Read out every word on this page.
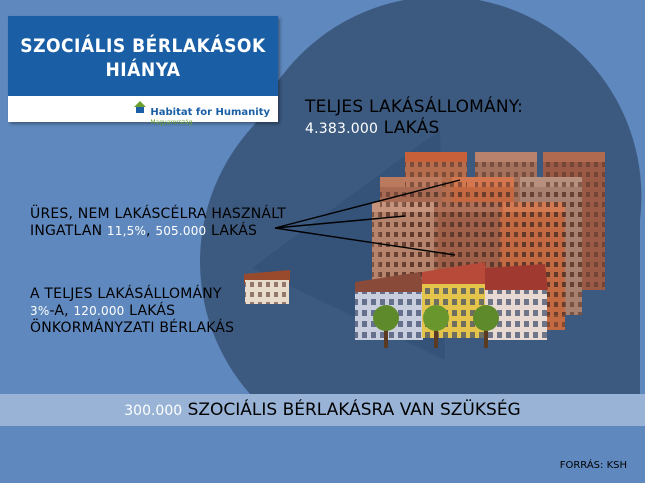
SZOCIÁLIS BÉRLAKÁSOK HIÁNYA
Habitat for Humanity
Magyarország
TELJES LAKÁSÁLLOMÁNY:
4.383.000 LAKÁS
ÜRES, NEM LAKÁSCÉLRA HASZNÁLT
INGATLAN 11,5%, 505.000 LAKÁS
A TELJES LAKÁSÁLLOMÁNY
3%-A, 120.000 LAKÁS
ÖNKORMÁNYZATI BÉRLAKÁS
300.000 SZOCIÁLIS BÉRLAKÁSRA VAN SZÜKSÉG
FORRÁS: KSH
